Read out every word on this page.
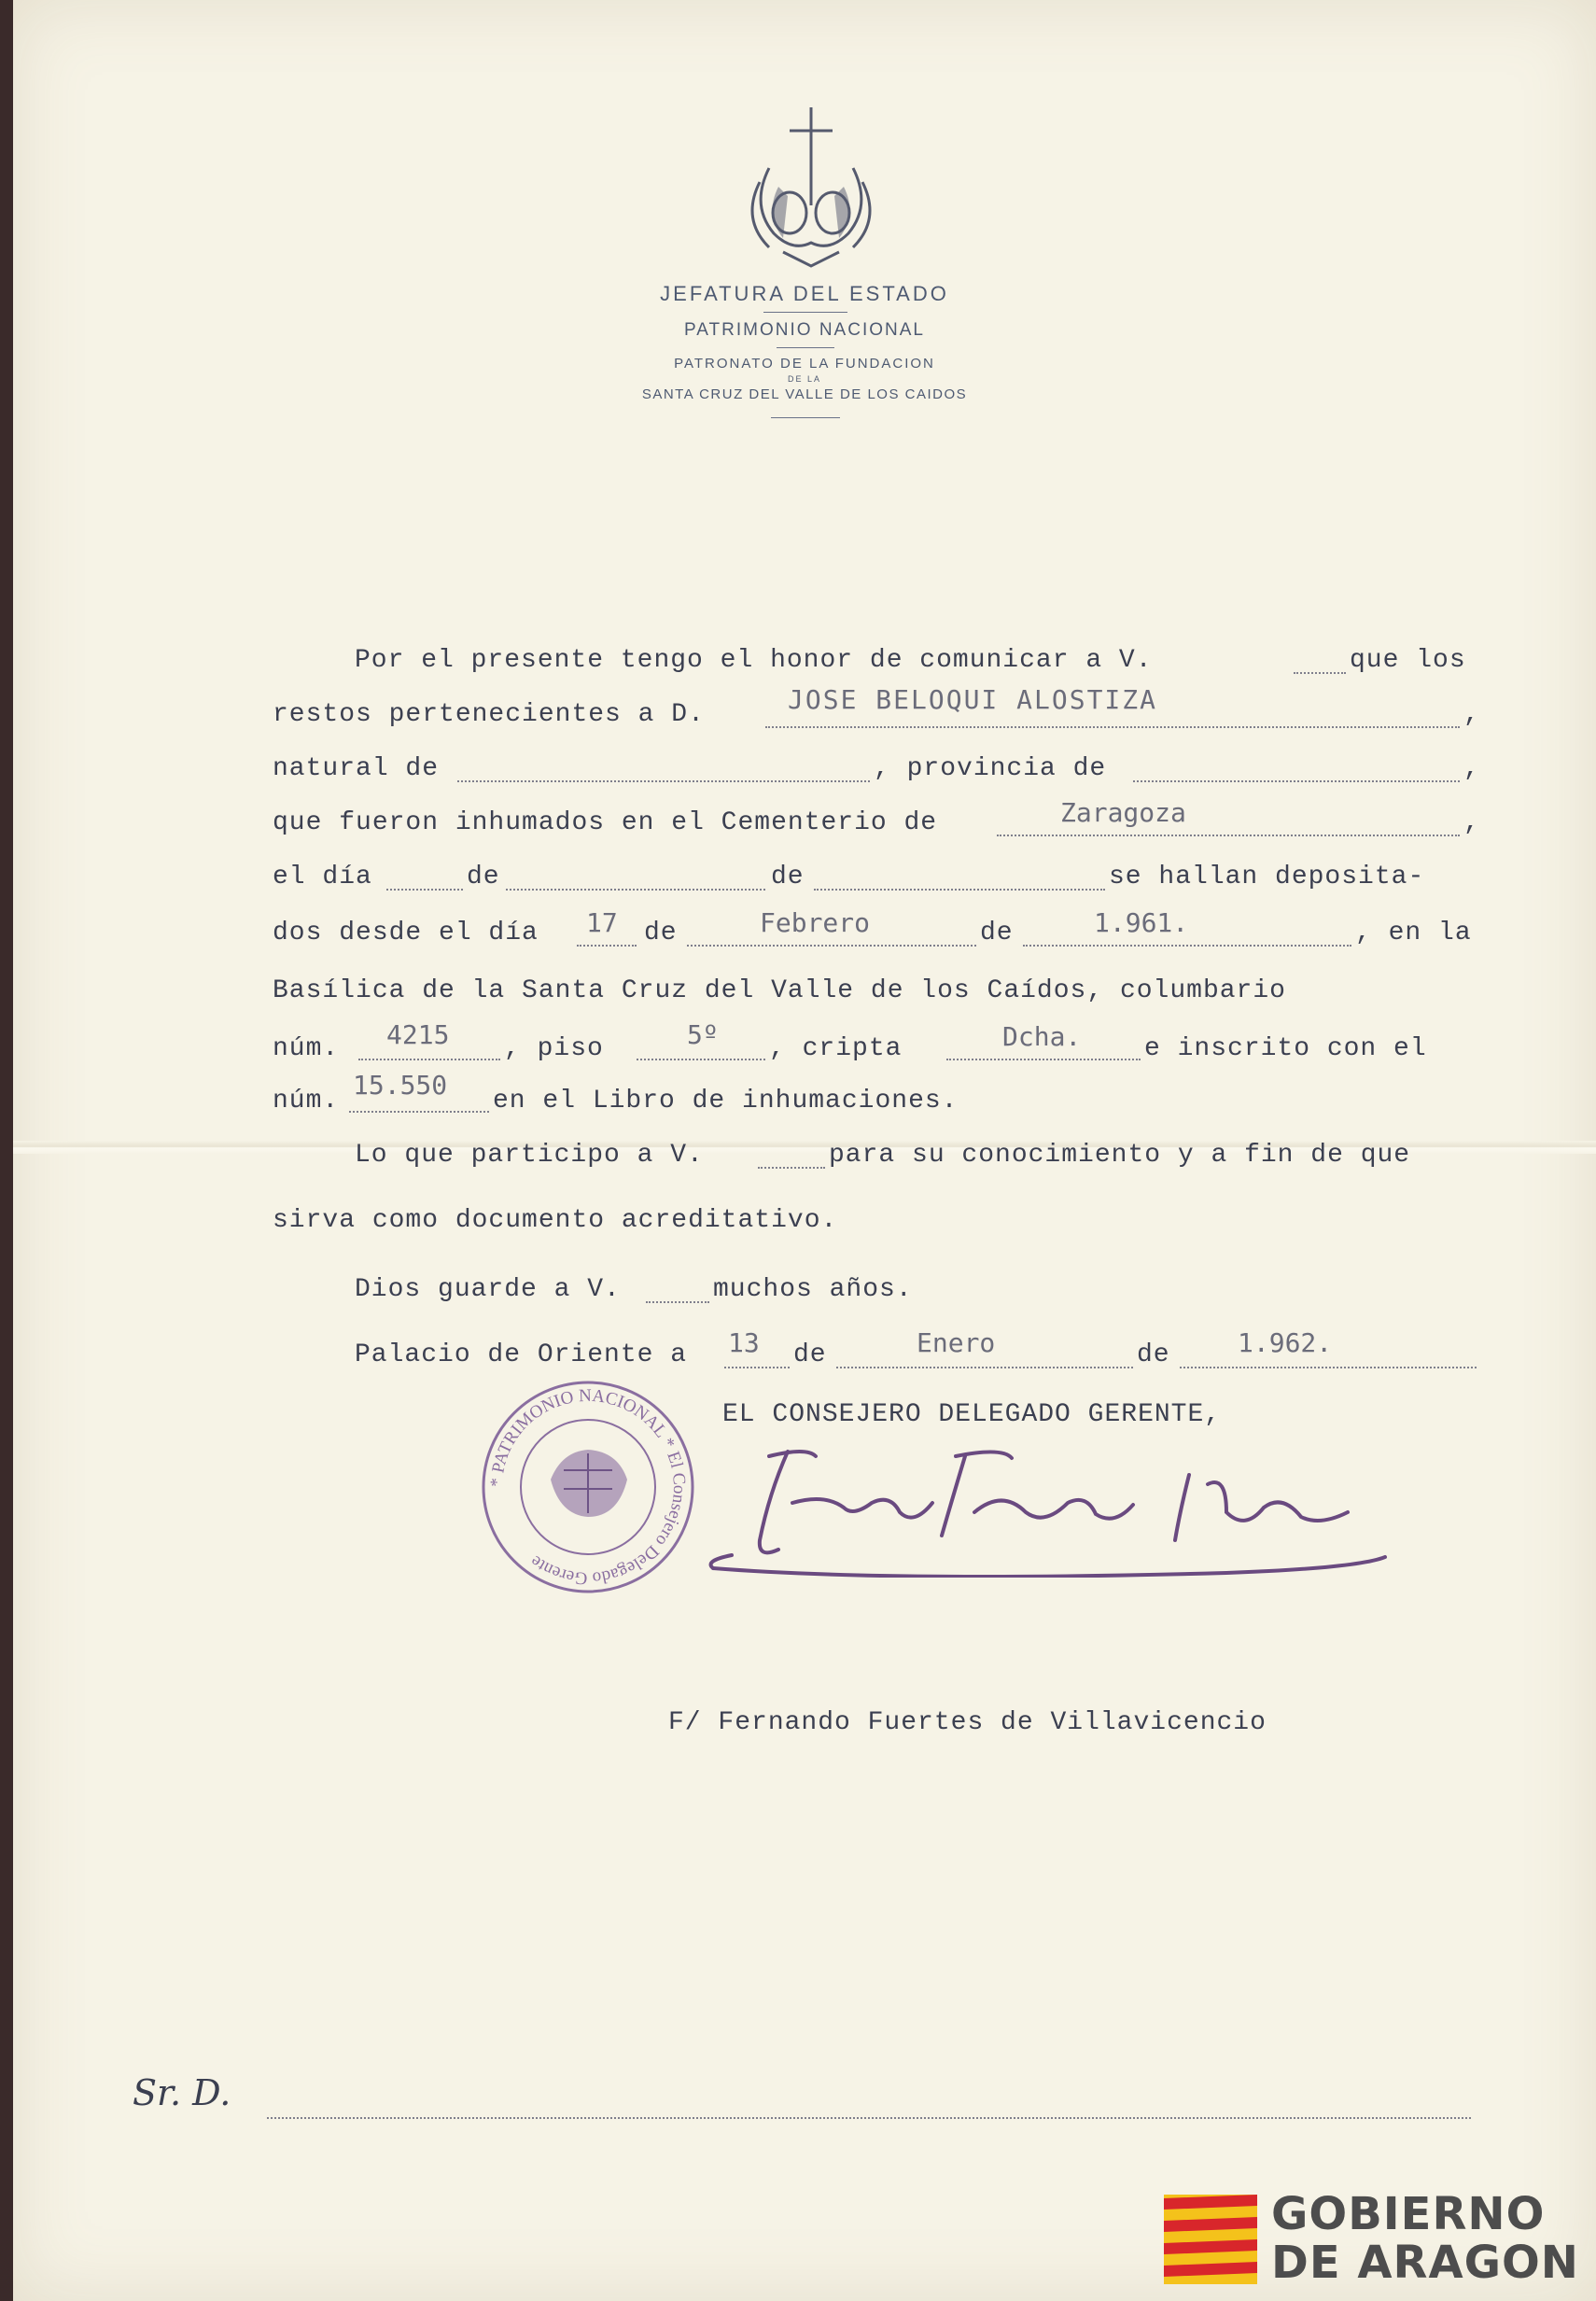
JEFATURA DEL ESTADO
PATRIMONIO NACIONAL
PATRONATO DE LA FUNDACION
DE LA
SANTA CRUZ DEL VALLE DE LOS CAIDOS
Por el presente tengo el honor de comunicar a V.	que los
restos pertenecientes a D.	JOSE BELOQUI ALOSTIZA	,
natural de	, provincia de	,
que fueron inhumados en el Cementerio de	Zaragoza	,
el día	de	de	se hallan deposita-
dos desde el día 17 de	Febrero	de	1.961.	, en la
Basílica de la Santa Cruz del Valle de los Caídos, columbario
núm. 4215 , piso	5º , cripta	Dcha. e inscrito con el
núm.
15.550
en el Libro de inhumaciones.
Lo que participo a V.	para su conocimiento y a fin de que
sirva como documento acreditativo.
Dios guarde a V.	muchos años.
Palacio de Oriente a 13 de	Enero	de	1.962.
EL CONSEJERO DELEGADO GERENTE,
* PATRIMONIO NACIONAL * El Consejero Delegado Gerente
F/ Fernando Fuertes de Villavicencio
Sr. D.
GOBIERNO
DE ARAGON
